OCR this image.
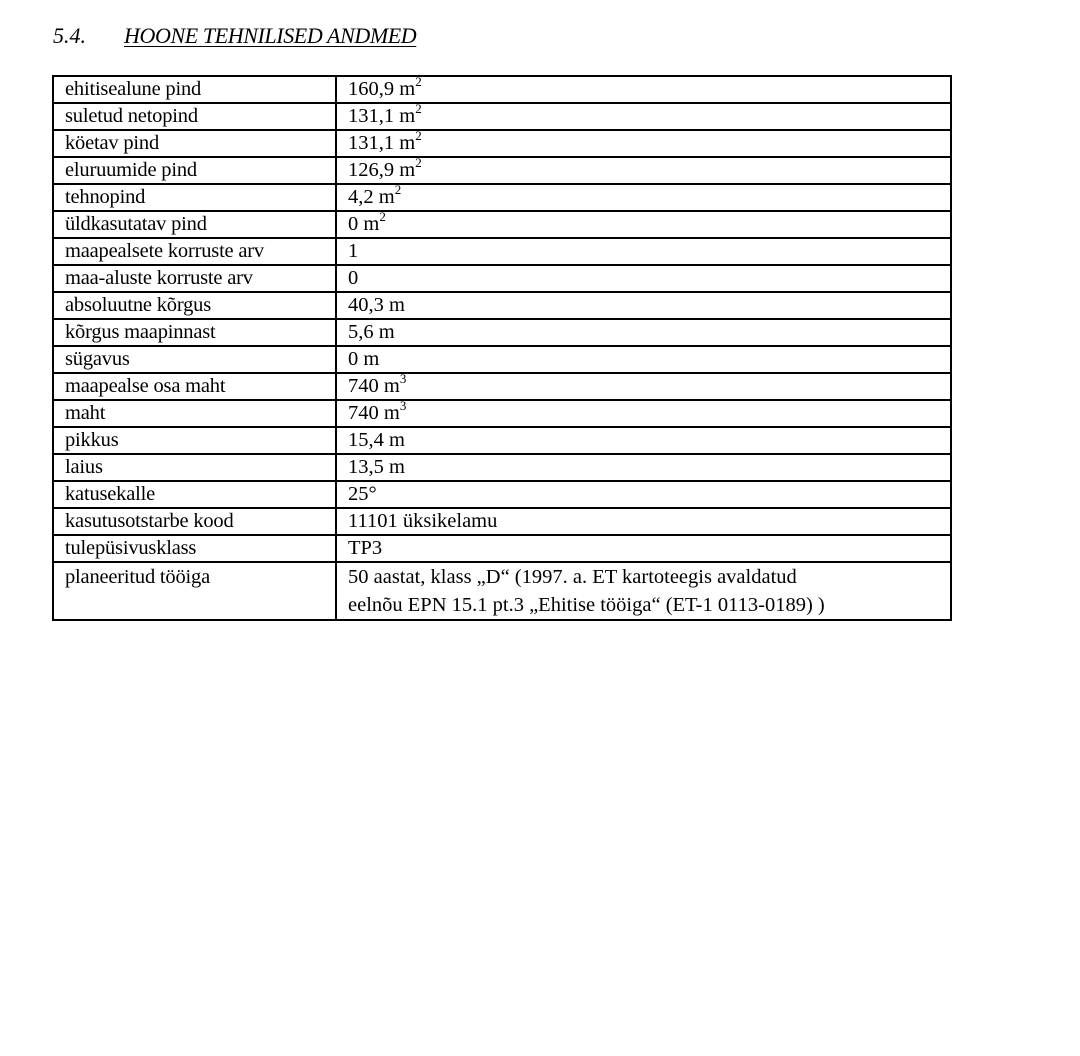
5.4. HOONE TEHNILISED ANDMED
ehitisealune pind	160,9 $m^2$
suletud netopind	131,1 $m^2$
köetav pind	131,1 $m^2$
eluruumide pind	126,9 $m^2$
tehnopind	4,2 $m^2$
üldkasutatav pind	0 $m^2$
maapealsete korruste arv	1
maa-aluste korruste arv	0
absoluutne kõrgus	40,3 m
kõrgus maapinnast	5,6 m
sügavus	0 m
maapealse osa maht	740 $m^3$
maht	740 $m^3$
pikkus	15,4 m
laius	13,5 m
katusekalle	25°
kasutusotstarbe kood	11101 üksikelamu
tulepüsivusklass	TP3
planeeritud tööiga	50 aastat, klass „D“ (1997. a. ET kartoteegis avaldatud
eelnõu EPN 15.1 pt.3 „Ehitise tööiga“ (ET-1 0113-0189) )
